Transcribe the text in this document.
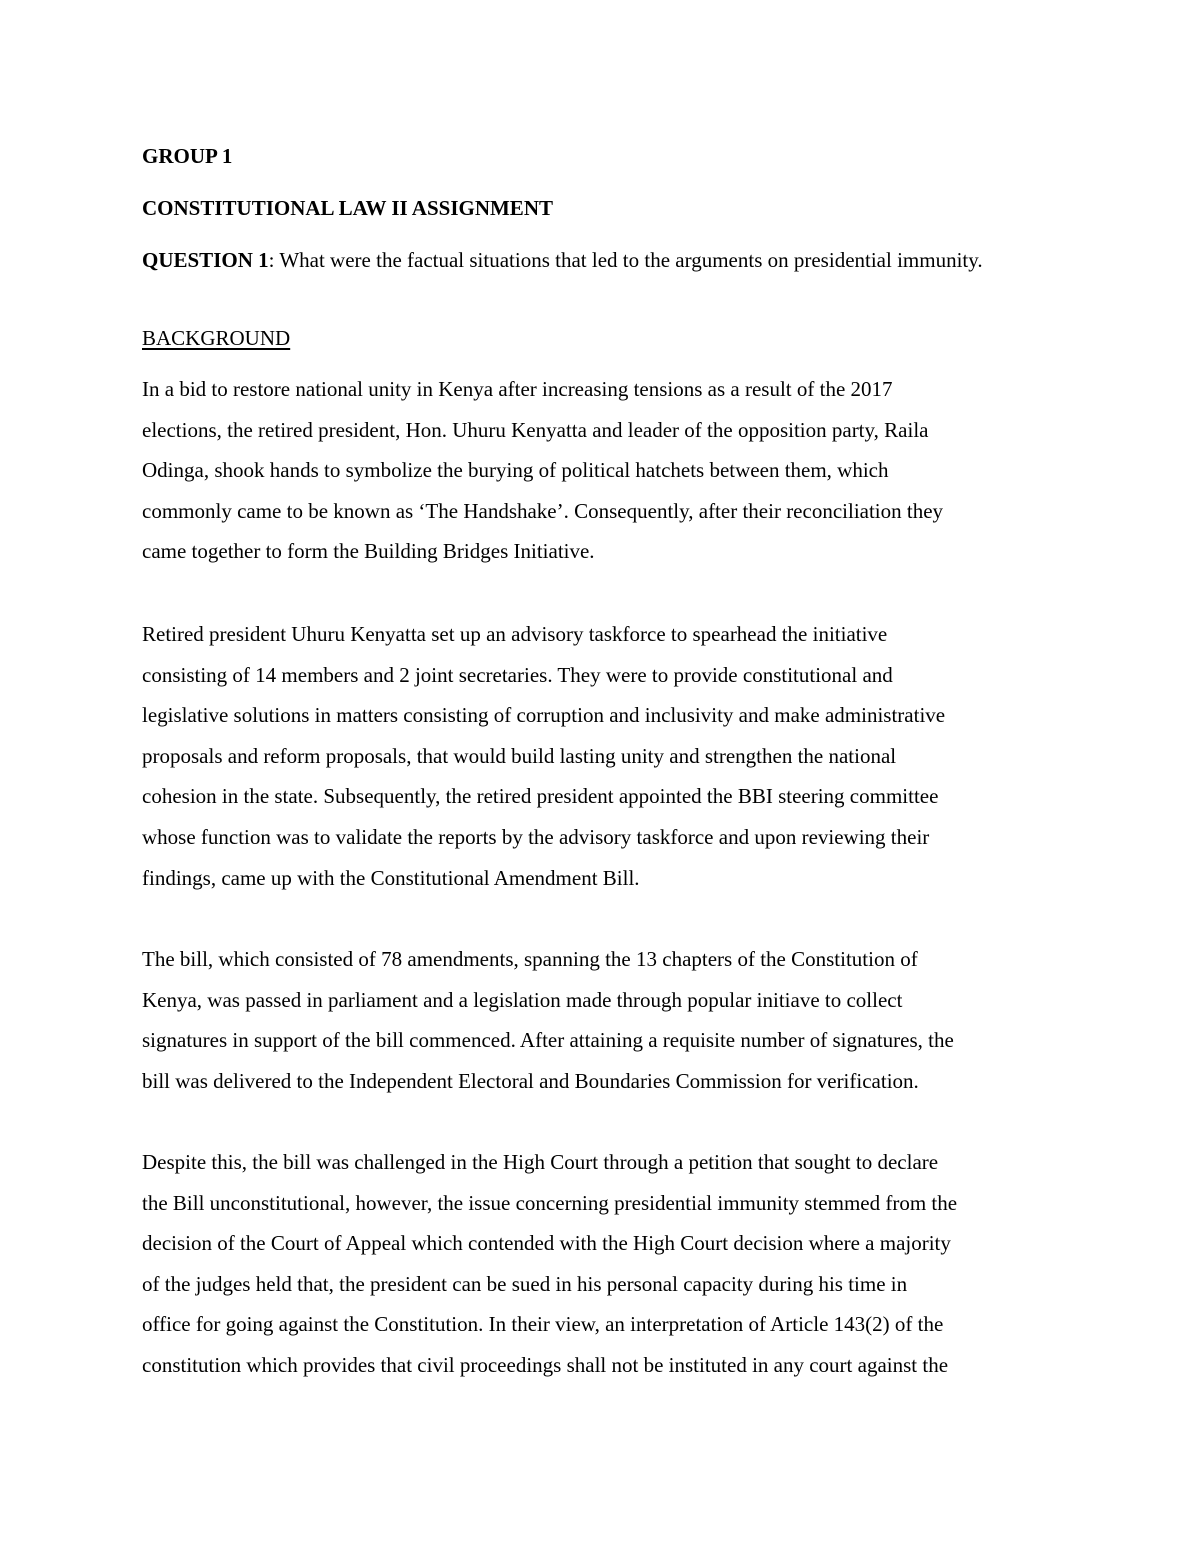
GROUP 1
CONSTITUTIONAL LAW II ASSIGNMENT

QUESTION 1: What were the factual situations that led to the arguments on presidential immunity.

BACKGROUND
In a bid to restore national unity in Kenya after increasing tensions as a result of the 2017
elections, the retired president, Hon. Uhuru Kenyatta and leader of the opposition party, Raila
Odinga, shook hands to symbolize the burying of political hatchets between them, which
commonly came to be known as ‘The Handshake’. Consequently, after their reconciliation they
came together to form the Building Bridges Initiative.
Retired president Uhuru Kenyatta set up an advisory taskforce to spearhead the initiative
consisting of 14 members and 2 joint secretaries. They were to provide constitutional and
legislative solutions in matters consisting of corruption and inclusivity and make administrative
proposals and reform proposals, that would build lasting unity and strengthen the national
cohesion in the state. Subsequently, the retired president appointed the BBI steering committee
whose function was to validate the reports by the advisory taskforce and upon reviewing their
findings, came up with the Constitutional Amendment Bill.
The bill, which consisted of 78 amendments, spanning the 13 chapters of the Constitution of
Kenya, was passed in parliament and a legislation made through popular initiave to collect
signatures in support of the bill commenced. After attaining a requisite number of signatures, the
bill was delivered to the Independent Electoral and Boundaries Commission for verification.
Despite this, the bill was challenged in the High Court through a petition that sought to declare
the Bill unconstitutional, however, the issue concerning presidential immunity stemmed from the
decision of the Court of Appeal which contended with the High Court decision where a majority
of the judges held that, the president can be sued in his personal capacity during his time in
office for going against the Constitution. In their view, an interpretation of Article 143(2) of the
constitution which provides that civil proceedings shall not be instituted in any court against the
